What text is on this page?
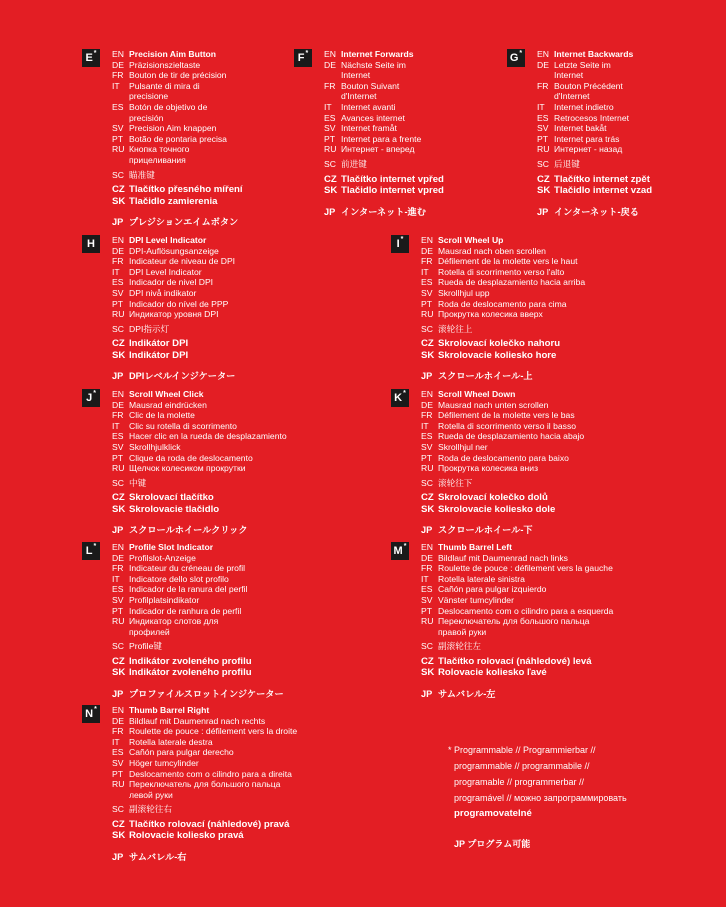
E* EN Precision Aim Button
DE Präzisionszieltaste
FR Bouton de tir de précision
IT	Pulsante di mira di
precisione
ES Botón de objetivo de
precisión
SV Precision Aim knappen
PT Botão de pontaria precisa
RU Кнопка точного
прицеливания
SC 瞄准键
CZ Tlačítko přesného míření
SK Tlačidlo zamierenia
JP プレジションエイムボタン
F* EN Internet Forwards
DE Nächste Seite im
Internet
FR Bouton Suivant
d'Internet
IT	Internet avanti
ES Avances internet
SV Internet framåt
PT Internet para a frente
RU Интернет - вперед
SC 前进键
CZ Tlačítko internet vpřed
SK Tlačidlo internet vpred
JP インターネット-進む
G* EN Internet Backwards
DE Letzte Seite im
Internet
FR Bouton Précédent
d'Internet
IT	Internet indietro
ES Retrocesos Internet
SV Internet bakåt
PT Internet para trás
RU Интернет - назад
SC 后退键
CZ Tlačítko internet zpět
SK Tlačidlo internet vzad
JP インターネット-戻る
H EN DPI Level Indicator
DE DPI-Auflösungsanzeige
FR Indicateur de niveau de DPI
IT	DPI Level Indicator
ES Indicador de nivel DPI
SV DPI nivå indikator
PT Indicador do nível de PPP
RU Индикатор уровня DPI
SC DPI指示灯
CZ Indikátor DPI
SK Indikátor DPI
JP DPIレベルインジケーター
I* EN Scroll Wheel Up
DE Mausrad nach oben scrollen
FR Défilement de la molette vers le haut
IT	Rotella di scorrimento verso l'alto
ES Rueda de desplazamiento hacia arriba
SV Skrollhjul upp
PT Roda de deslocamento para cima
RU Прокрутка колесика вверх
SC 滚轮往上
CZ Skrolovací kolečko nahoru
SK Skrolovacie koliesko hore
JP スクロールホイール-上
J* EN Scroll Wheel Click
DE Mausrad eindrücken
FR Clic de la molette
IT	Clic su rotella di scorrimento
ES Hacer clic en la rueda de desplazamiento
SV Skrollhjulklick
PT Clique da roda de deslocamento
RU Щелчок колесиком прокрутки
SC 中键
CZ Skrolovací tlačítko
SK Skrolovacie tlačidlo
JP スクロールホイールクリック
K* EN Scroll Wheel Down
DE Mausrad nach unten scrollen
FR Défilement de la molette vers le bas
IT	Rotella di scorrimento verso il basso
ES Rueda de desplazamiento hacia abajo
SV Skrollhjul ner
PT Roda de deslocamento para baixo
RU Прокрутка колесика вниз
SC 滚轮往下
CZ Skrolovací kolečko dolů
SK Skrolovacie koliesko dole
JP スクロールホイール-下
L* EN Profile Slot Indicator
DE Profilslot-Anzeige
FR Indicateur du créneau de profil
IT	Indicatore dello slot profilo
ES Indicador de la ranura del perfil
SV Profilplatsindikator
PT Indicador de ranhura de perfil
RU Индикатор слотов для
профилей
SC Profile键
CZ Indikátor zvoleného profilu
SK Indikátor zvoleného profilu
JP プロファイルスロットインジケーター
M* EN Thumb Barrel Left
DE Bildlauf mit Daumenrad nach links
FR Roulette de pouce : défilement vers la gauche
IT	Rotella laterale sinistra
ES Cañón para pulgar izquierdo
SV Vänster tumcylinder
PT Deslocamento com o cilindro para a esquerda
RU Переключатель для большого пальца
правой руки
SC 副滚轮往左
CZ Tlačítko rolovací (náhledové) levá
SK Rolovacie koliesko ľavé
JP サムバレル-左
N* EN Thumb Barrel Right
DE Bildlauf mit Daumenrad nach rechts
FR Roulette de pouce : défilement vers la droite
IT	Rotella laterale destra
ES Cañón para pulgar derecho
SV Höger tumcylinder
PT Deslocamento com o cilindro para a direita
RU Переключатель для большого пальца
левой руки
SC 副滚轮往右
CZ Tlačítko rolovací (náhledové) pravá
SK Rolovacie koliesko pravá
JP サムバレル-右
* Programmable // Programmierbar //
programmable // programmabile //
programable // programmerbar //
programável // можно запрограммировать
programovatelné
JP プログラム可能
